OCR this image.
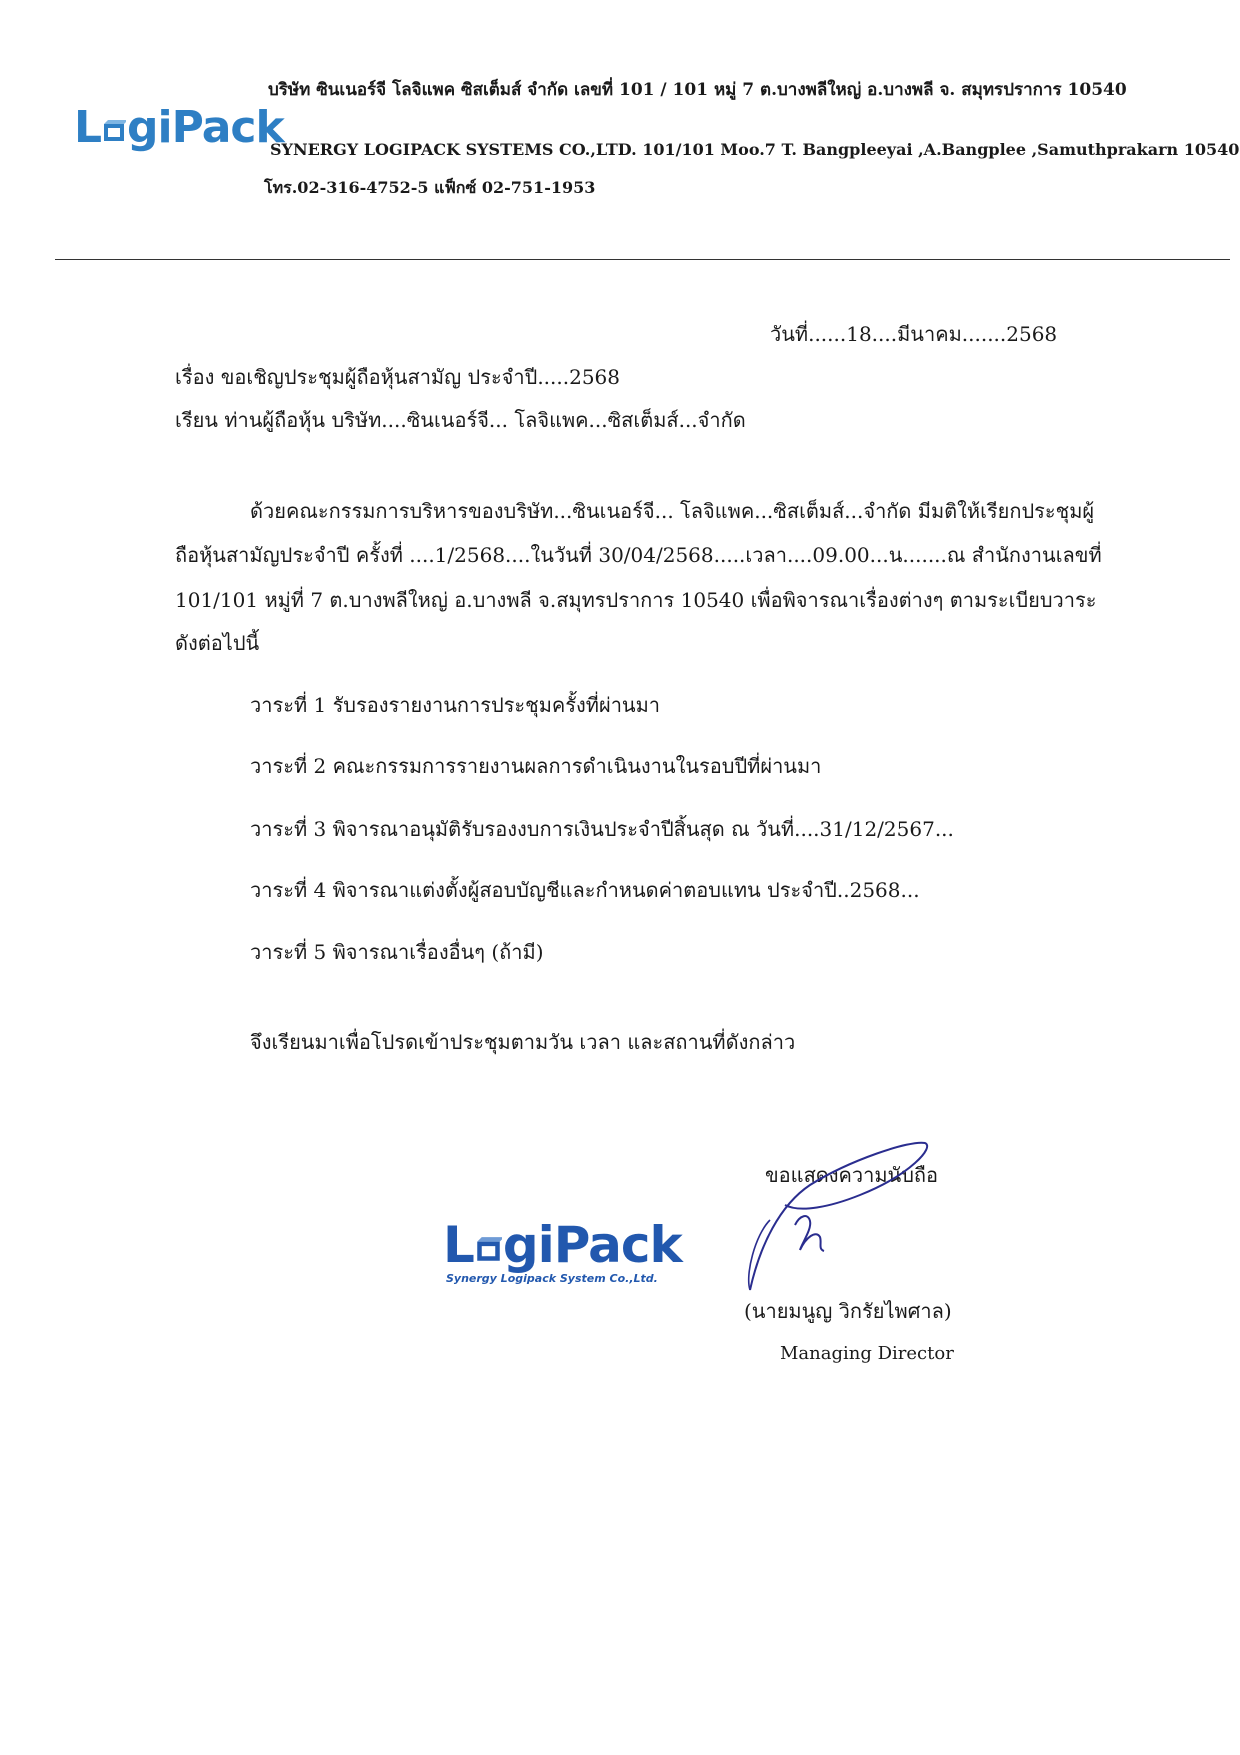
L giPack
บริษัท ซินเนอร์จี โลจิแพค ซิสเต็มส์ จำกัด เลขที่ 101 / 101 หมู่ 7 ต.บางพลีใหญ่ อ.บางพลี จ. สมุทรปราการ 10540
SYNERGY LOGIPACK SYSTEMS CO.,LTD. 101/101 Moo.7 T. Bangpleeyai ,A.Bangplee ,Samuthprakarn 10540
โทร.02-316-4752-5 แฟ็กซ์ 02-751-1953
วันที่......18....มีนาคม.......2568
เรื่อง ขอเชิญประชุมผู้ถือหุ้นสามัญ ประจำปี.....2568
เรียน ท่านผู้ถือหุ้น บริษัท....ซินเนอร์จี... โลจิแพค...ซิสเต็มส์...จำกัด
ด้วยคณะกรรมการบริหารของบริษัท...ซินเนอร์จี... โลจิแพค...ซิสเต็มส์...จำกัด มีมติให้เรียกประชุมผู้
ถือหุ้นสามัญประจำปี ครั้งที่ ....1/2568....ในวันที่ 30/04/2568.....เวลา....09.00...น.......ณ สำนักงานเลขที่
101/101 หมู่ที่ 7 ต.บางพลีใหญ่ อ.บางพลี จ.สมุทรปราการ 10540 เพื่อพิจารณาเรื่องต่างๆ ตามระเบียบวาระ
ดังต่อไปนี้
วาระที่ 1 รับรองรายงานการประชุมครั้งที่ผ่านมา
วาระที่ 2 คณะกรรมการรายงานผลการดำเนินงานในรอบปีที่ผ่านมา
วาระที่ 3 พิจารณาอนุมัติรับรองงบการเงินประจำปีสิ้นสุด ณ วันที่....31/12/2567...
วาระที่ 4 พิจารณาแต่งตั้งผู้สอบบัญชีและกำหนดค่าตอบแทน ประจำปี..2568...
วาระที่ 5 พิจารณาเรื่องอื่นๆ (ถ้ามี)
จึงเรียนมาเพื่อโปรดเข้าประชุมตามวัน เวลา และสถานที่ดังกล่าว
L giPack
Synergy Logipack System Co.,Ltd.
ขอแสดงความนับถือ
(นายมนูญ วิกรัยไพศาล)
Managing Director
